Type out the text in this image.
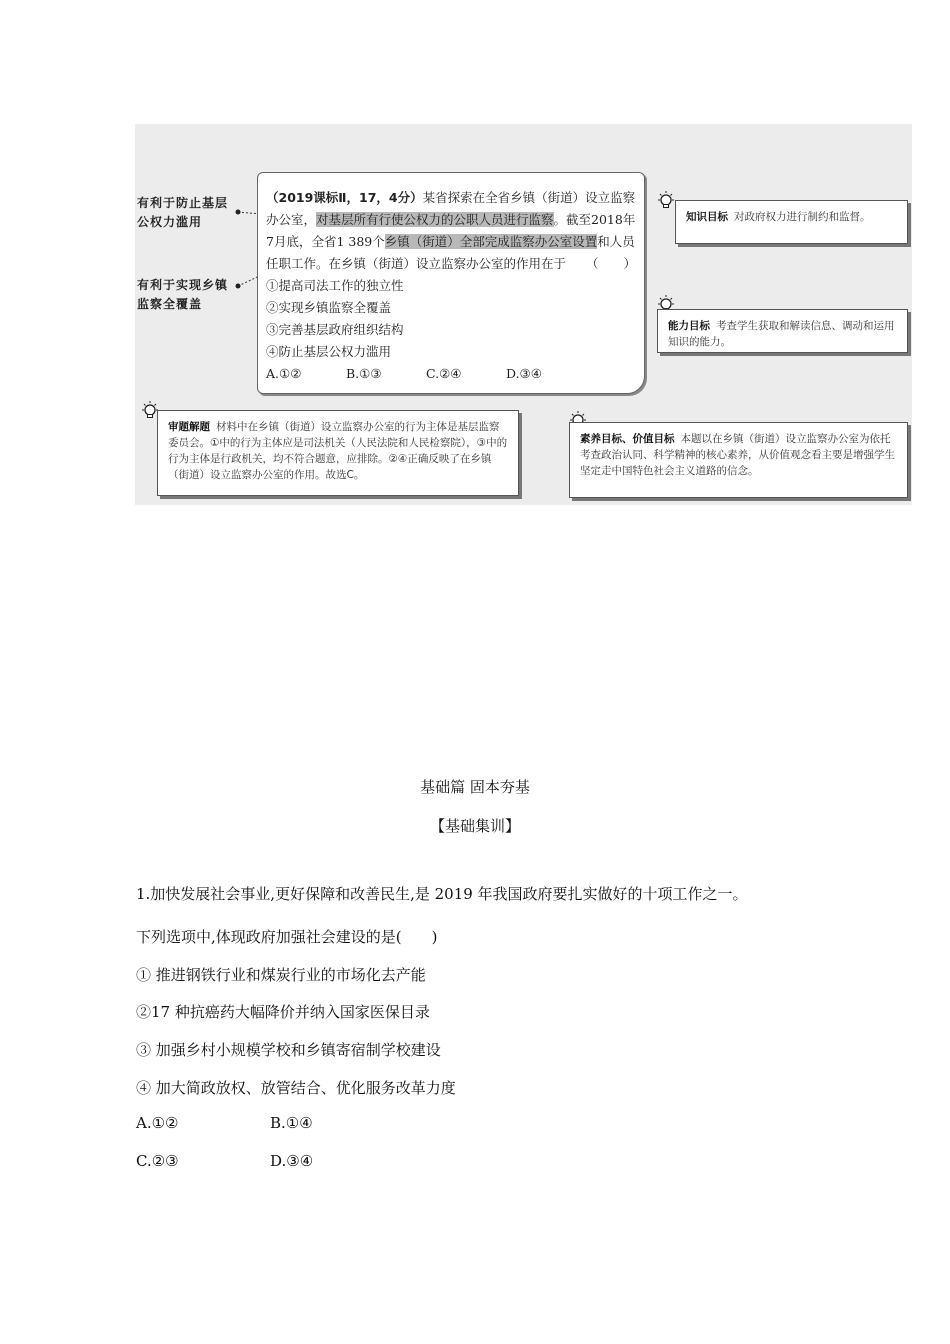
有利于防止基层
公权力滥用
有利于实现乡镇
监察全覆盖
（2019课标Ⅱ，17，4分）某省探索在全省乡镇（街道）设立监察办公室，对基层所有行使公权力的公职人员进行监察。截至2018年7月底，全省1 389个乡镇（街道）全部完成监察办公室设置和人员任职工作。在乡镇（街道）设立监察办公室的作用在于 （　　）
①提高司法工作的独立性
②实现乡镇监察全覆盖
③完善基层政府组织结构
④防止基层公权力滥用
A.①②	B.①③	C.②④	D.③④
知识目标 对政府权力进行制约和监督。
能力目标 考查学生获取和解读信息、调动和运用知识的能力。
审题解题 材料中在乡镇（街道）设立监察办公室的行为主体是基层监察委员会。①中的行为主体应是司法机关（人民法院和人民检察院），③中的行为主体是行政机关，均不符合题意，应排除。②④正确反映了在乡镇（街道）设立监察办公室的作用。故选C。
素养目标、价值目标 本题以在乡镇（街道）设立监察办公室为依托考查政治认同、科学精神的核心素养，从价值观念看主要是增强学生坚定走中国特色社会主义道路的信念。
基础篇 固本夯基
【基础集训】
1.加快发展社会事业,更好保障和改善民生,是 2019 年我国政府要扎实做好的十项工作之一。
下列选项中,体现政府加强社会建设的是(　　)
① 推进钢铁行业和煤炭行业的市场化去产能
②17 种抗癌药大幅降价并纳入国家医保目录
③ 加强乡村小规模学校和乡镇寄宿制学校建设
④ 加大简政放权、放管结合、优化服务改革力度
A.①②	B.①④
C.②③	D.③④
